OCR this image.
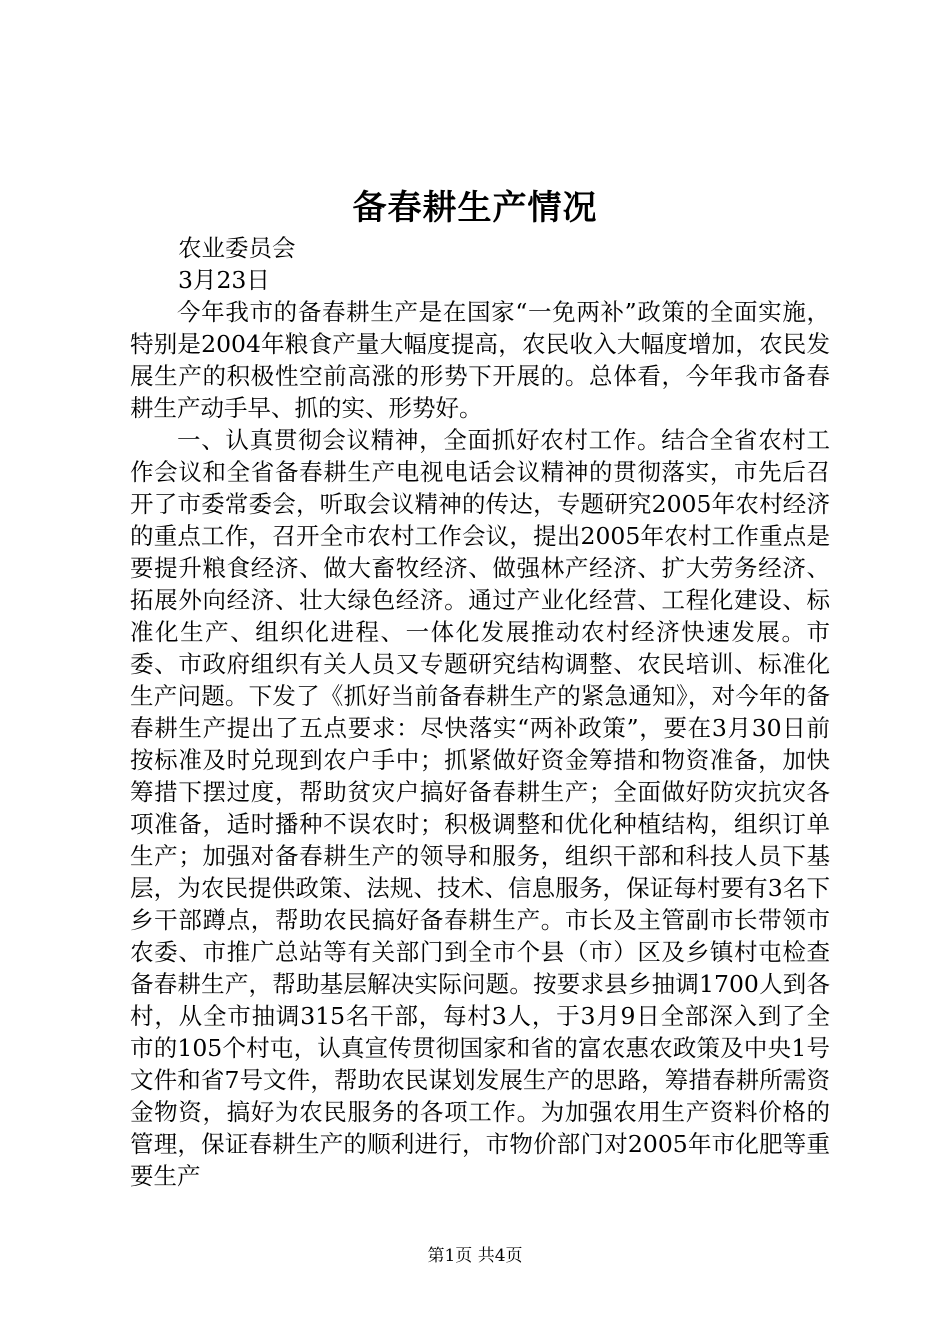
备春耕生产情况
农业委员会
3月23日

今年我市的备春耕生产是在国家“一免两补”政策的全面实施，特别是2004年粮食产量大幅度提高，农民收入大幅度增加，农民发展生产的积极性空前高涨的形势下开展的。总体看，今年我市备春耕生产动手早、抓的实、形势好。

一、认真贯彻会议精神，全面抓好农村工作。结合全省农村工作会议和全省备春耕生产电视电话会议精神的贯彻落实，市先后召开了市委常委会，听取会议精神的传达，专题研究2005年农村经济的重点工作，召开全市农村工作会议，提出2005年农村工作重点是要提升粮食经济、做大畜牧经济、做强林产经济、扩大劳务经济、拓展外向经济、壮大绿色经济。通过产业化经营、工程化建设、标准化生产、组织化进程、一体化发展推动农村经济快速发展。市委、市政府组织有关人员又专题研究结构调整、农民培训、标准化生产问题。下发了《抓好当前备春耕生产的紧急通知》，对今年的备春耕生产提出了五点要求：尽快落实“两补政策”，要在3月30日前按标准及时兑现到农户手中；抓紧做好资金筹措和物资准备，加快筹措下摆过度，帮助贫灾户搞好备春耕生产；全面做好防灾抗灾各项准备，适时播种不误农时；积极调整和优化种植结构，组织订单生产；加强对备春耕生产的领导和服务，组织干部和科技人员下基层，为农民提供政策、法规、技术、信息服务，保证每村要有3名下乡干部蹲点，帮助农民搞好备春耕生产。市长及主管副市长带领市农委、市推广总站等有关部门到全市个县（市）区及乡镇村屯检查备春耕生产，帮助基层解决实际问题。按要求县乡抽调1700人到各村，从全市抽调315名干部，每村3人，于3月9日全部深入到了全市的105个村屯，认真宣传贯彻国家和省的富农惠农政策及中央1号文件和省7号文件，帮助农民谋划发展生产的思路，筹措春耕所需资金物资，搞好为农民服务的各项工作。为加强农用生产资料价格的管理，保证春耕生产的顺利进行，市物价部门对2005年市化肥等重要生产

第1页 共4页
